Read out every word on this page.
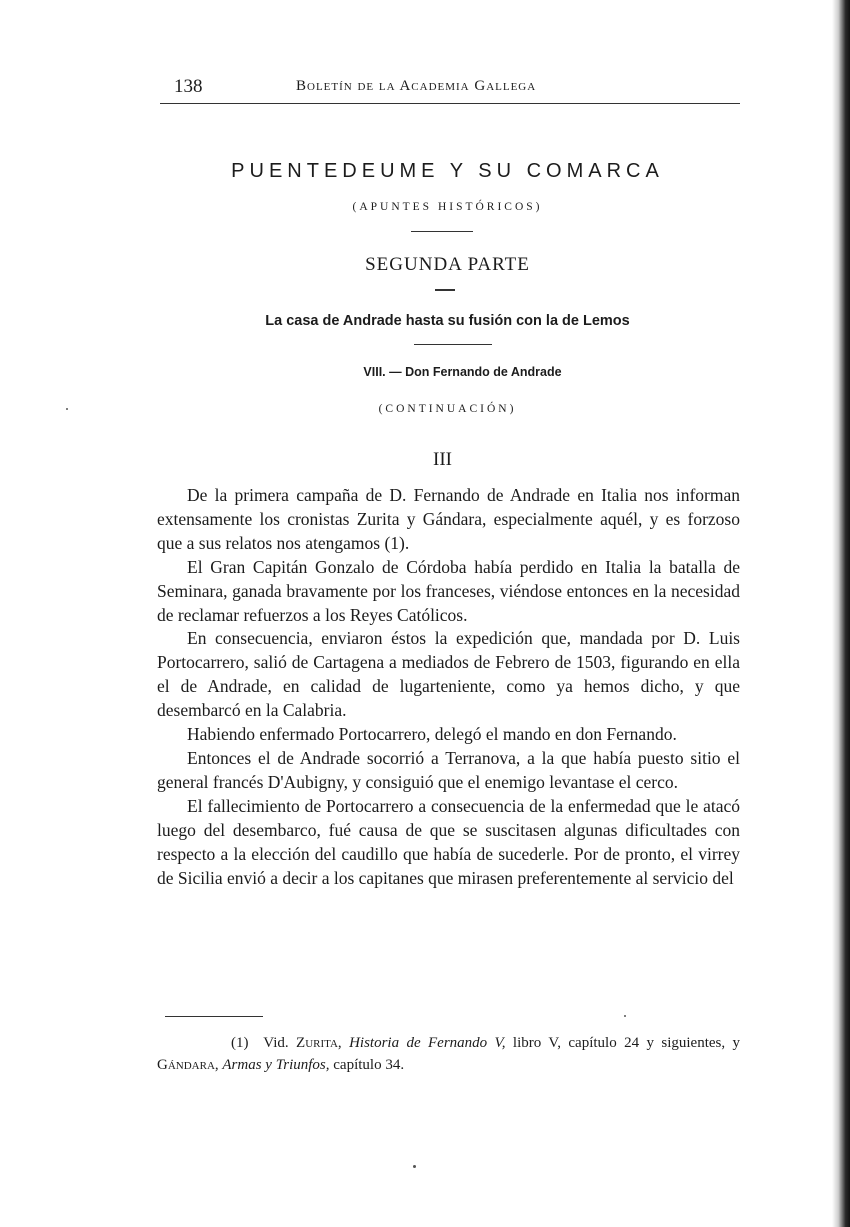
138	Boletín de la Academia Gallega
PUENTEDEUME Y SU COMARCA
(APUNTES HISTÓRICOS)
SEGUNDA PARTE
La casa de Andrade hasta su fusión con la de Lemos
VIII. — Don Fernando de Andrade
(CONTINUACIÓN)
III

De la primera campaña de D. Fernando de Andrade en Italia nos informan extensamente los cronistas Zurita y Gándara, especialmente aquél, y es forzoso que a sus relatos nos atengamos (1).

El Gran Capitán Gonzalo de Córdoba había perdido en Italia la batalla de Seminara, ganada bravamente por los franceses, viéndose entonces en la necesidad de reclamar refuerzos a los Reyes Católicos.

En consecuencia, enviaron éstos la expedición que, mandada por D. Luis Portocarrero, salió de Cartagena a mediados de Febrero de 1503, figurando en ella el de Andrade, en calidad de lugarteniente, como ya hemos dicho, y que desembarcó en la Calabria.

Habiendo enfermado Portocarrero, delegó el mando en don Fernando.

Entonces el de Andrade socorrió a Terranova, a la que había puesto sitio el general francés D'Aubigny, y consiguió que el enemigo levantase el cerco.

El fallecimiento de Portocarrero a consecuencia de la enfermedad que le atacó luego del desembarco, fué causa de que se suscitasen algunas dificultades con respecto a la elección del caudillo que había de sucederle. Por de pronto, el virrey de Sicilia envió a decir a los capitanes que mirasen preferentemente al servicio del

(1) Vid. Zurita, Historia de Fernando V, libro V, capítulo 24 y siguientes, y Gándara, Armas y Triunfos, capítulo 34.
